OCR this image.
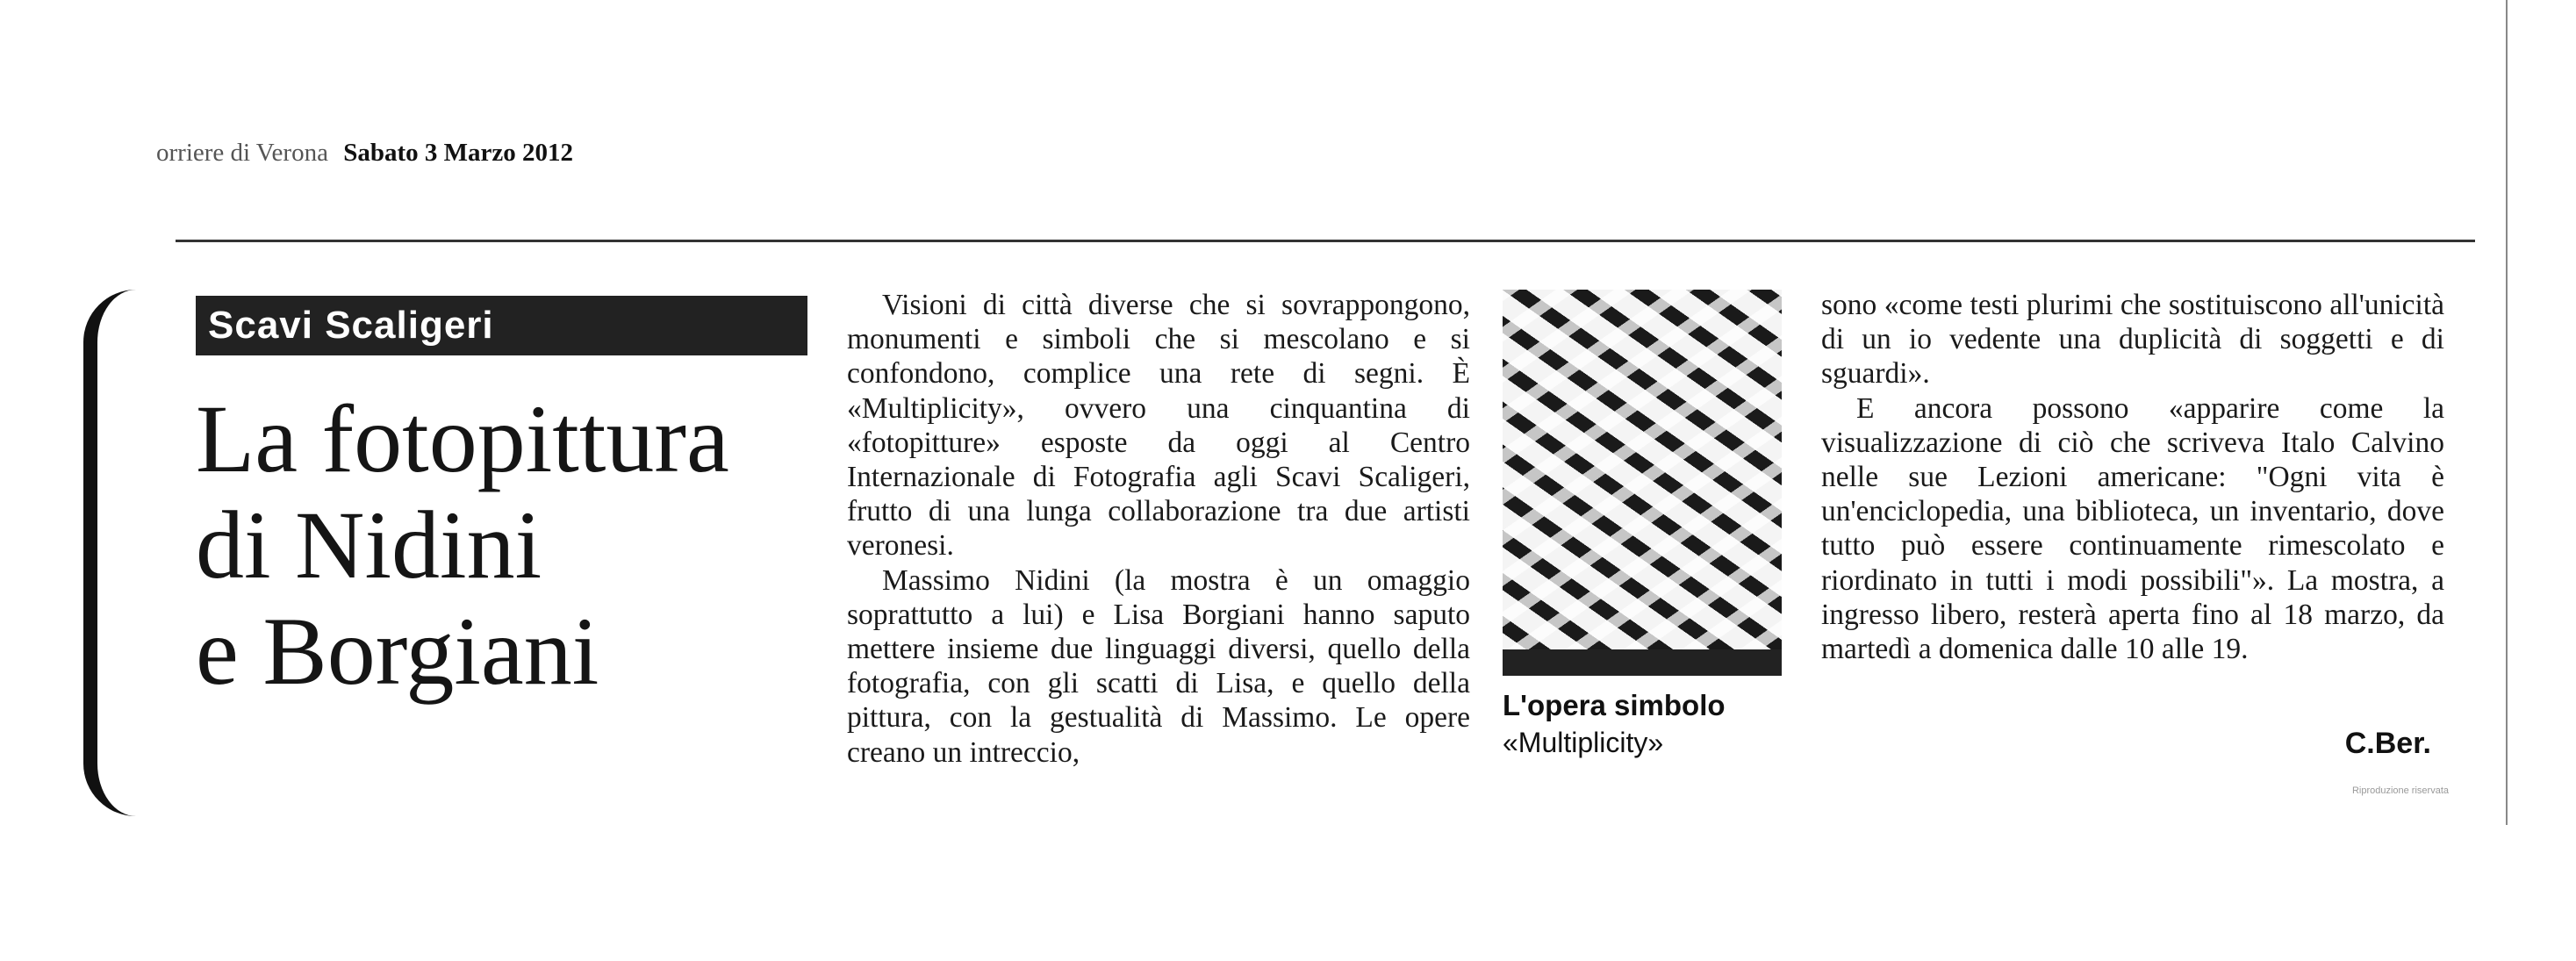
orriere di Verona Sabato 3 Marzo 2012
Scavi Scaligeri
La fotopittura
di Nidini
e Borgiani

Visioni di città diverse che si sovrappongono, monumenti e simboli che si mescolano e si confondono, complice una rete di segni. È «Multiplicity», ovvero una cinquantina di «fotopitture» esposte da oggi al Centro Internazionale di Fotografia agli Scavi Scaligeri, frutto di una lunga collaborazione tra due artisti veronesi.

Massimo Nidini (la mostra è un omaggio soprattutto a lui) e Lisa Borgiani hanno saputo mettere insieme due linguaggi diversi, quello della fotografia, con gli scatti di Lisa, e quello della pittura, con la gestualità di Massimo. Le opere creano un intreccio,

L'opera simbolo
«Multiplicity»

sono «come testi plurimi che sostituiscono all'unicità di un io vedente una duplicità di soggetti e di sguardi».

E ancora possono «apparire come la visualizzazione di ciò che scriveva Italo Calvino nelle sue Lezioni americane: "Ogni vita è un'enciclopedia, una biblioteca, un inventario, dove tutto può essere continuamente rimescolato e riordinato in tutti i modi possibili"». La mostra, a ingresso libero, resterà aperta fino al 18 marzo, da martedì a domenica dalle 10 alle 19.

C.Ber.
Riproduzione riservata
